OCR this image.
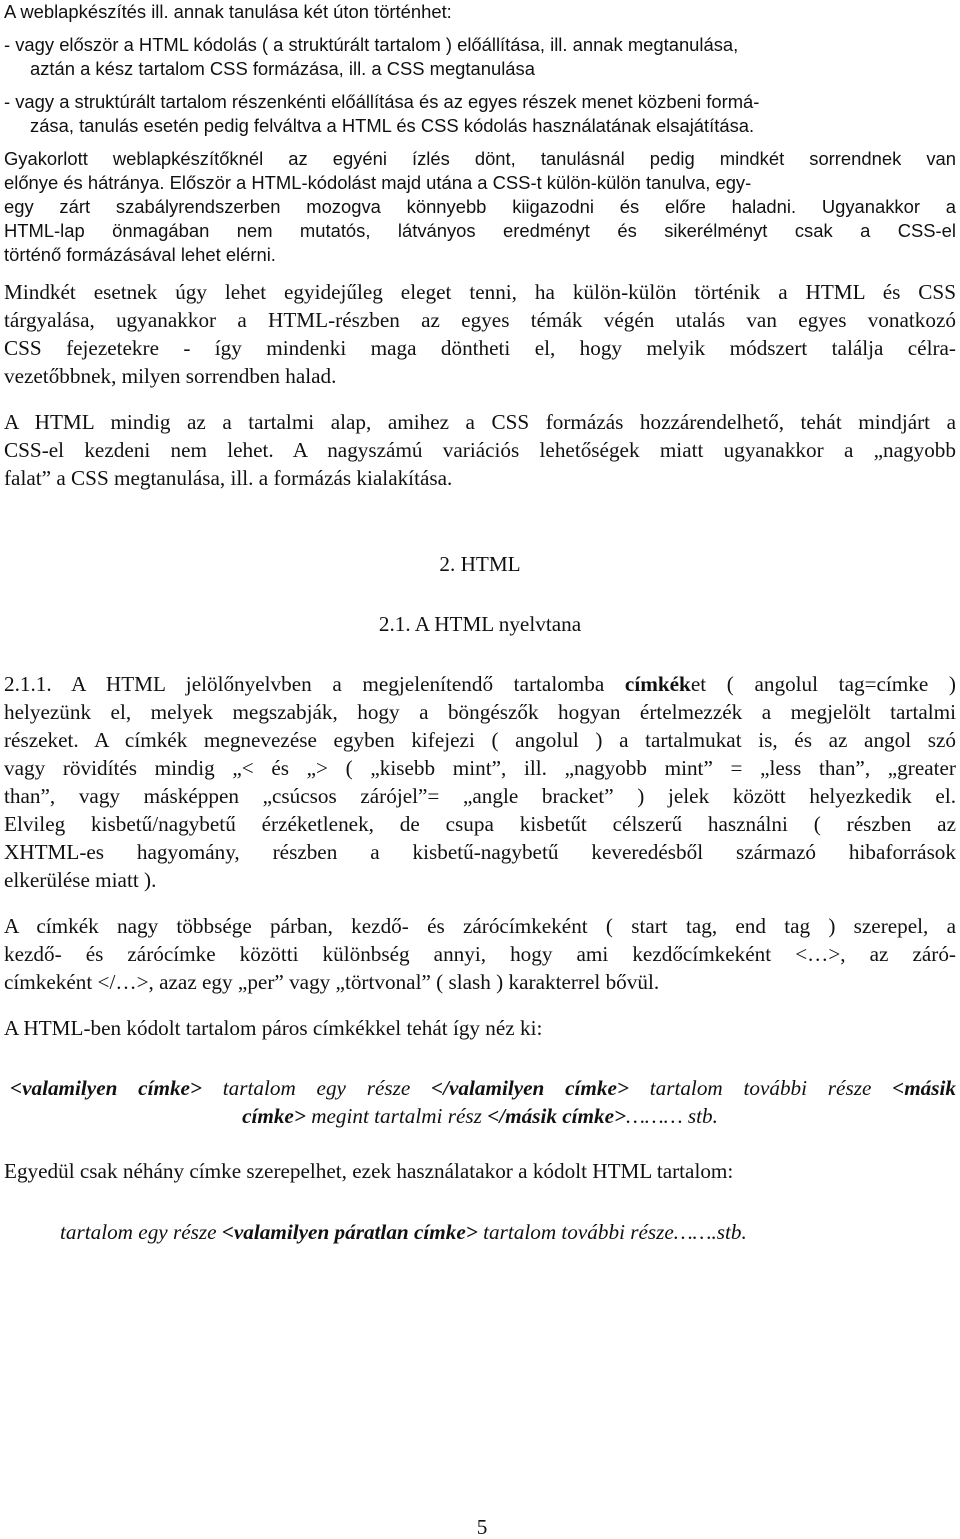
A weblapkészítés ill. annak tanulása két úton történhet:

- vagy először a HTML kódolás ( a struktúrált tartalom ) előállítása, ill. annak megtanulása,

aztán a kész tartalom CSS formázása, ill. a CSS megtanulása

- vagy a struktúrált tartalom részenkénti előállítása és az egyes részek menet közbeni formá-

zása, tanulás esetén pedig felváltva a HTML és CSS kódolás használatának elsajátítása.

Gyakorlott weblapkészítőknél az egyéni ízlés dönt, tanulásnál pedig mindkét sorrendnek van

előnye és hátránya. Először a HTML-kódolást majd utána a CSS-t külön-külön tanulva, egy-

egy zárt szabályrendszerben mozogva könnyebb kiigazodni és előre haladni. Ugyanakkor a

HTML-lap önmagában nem mutatós, látványos eredményt és sikerélményt csak a CSS-el

történő formázásával lehet elérni.

Mindkét esetnek úgy lehet egyidejűleg eleget tenni, ha külön-külön történik a HTML és CSS

tárgyalása, ugyanakkor a HTML-részben az egyes témák végén utalás van egyes vonatkozó

CSS fejezetekre - így mindenki maga döntheti el, hogy melyik módszert találja célra-

vezetőbbnek, milyen sorrendben halad.

A HTML mindig az a tartalmi alap, amihez a CSS formázás hozzárendelhető, tehát mindjárt a

CSS-el kezdeni nem lehet. A nagyszámú variációs lehetőségek miatt ugyanakkor a „nagyobb

falat” a CSS megtanulása, ill. a formázás kialakítása.

2. HTML

2.1. A HTML nyelvtana

2.1.1. A HTML jelölőnyelvben a megjelenítendő tartalomba címkéket ( angolul tag=címke )

helyezünk el, melyek megszabják, hogy a böngészők hogyan értelmezzék a megjelölt tartalmi

részeket. A címkék megnevezése egyben kifejezi ( angolul ) a tartalmukat is, és az angol szó

vagy rövidítés mindig „< és „> ( „kisebb mint”, ill. „nagyobb mint” = „less than”, „greater

than”, vagy másképpen „csúcsos zárójel”= „angle bracket” ) jelek között helyezkedik el.

Elvileg kisbetű/nagybetű érzéketlenek, de csupa kisbetűt célszerű használni ( részben az

XHTML-es hagyomány, részben a kisbetű-nagybetű keveredésből származó hibaforrások

elkerülése miatt ).

A címkék nagy többsége párban, kezdő- és zárócímkeként ( start tag, end tag ) szerepel, a

kezdő- és zárócímke közötti különbség annyi, hogy ami kezdőcímkeként <…>, az záró-

címkeként </…>, azaz egy „per” vagy „törtvonal” ( slash ) karakterrel bővül.

A HTML-ben kódolt tartalom páros címkékkel tehát így néz ki:

<valamilyen címke> tartalom egy része </valamilyen címke> tartalom további része <másik

címke> megint tartalmi rész </másik címke>……… stb.

Egyedül csak néhány címke szerepelhet, ezek használatakor a kódolt HTML tartalom:

tartalom egy része <valamilyen páratlan címke> tartalom további része…….stb.

5
